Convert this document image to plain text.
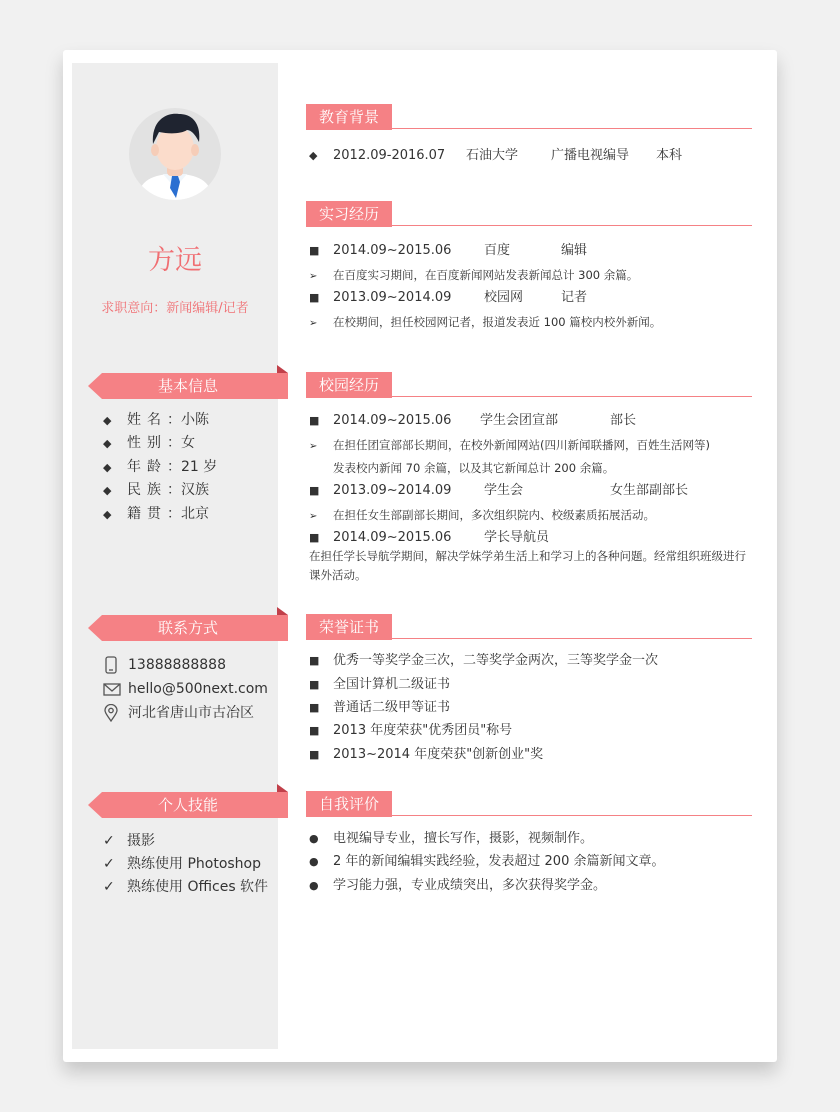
方远
求职意向：新闻编辑/记者
基本信息
◆ 姓名：小陈
◆ 性别：女
◆ 年龄：21 岁
◆ 民族：汉族
◆ 籍贯：北京
联系方式
13888888888
hello@500next.com
河北省唐山市古冶区
个人技能
✓ 摄影
✓ 熟练使用 Photoshop
✓ 熟练使用 Offices 软件
教育背景
◆ 2012.09-2016.07 石油大学	广播电视编导 本科
实习经历
■ 2014.09~2015.06	百度	编辑
➢ 在百度实习期间，在百度新闻网站发表新闻总计 300 余篇。
■ 2013.09~2014.09	校园网	记者
➢ 在校期间，担任校园网记者，报道发表近 100 篇校内校外新闻。
校园经历
■ 2014.09~2015.06 学生会团宣部	部长
➢ 在担任团宣部部长期间，在校外新闻网站(四川新闻联播网，百姓生活网等)
发表校内新闻 70 余篇，以及其它新闻总计 200 余篇。
■ 2013.09~2014.09	学生会	女生部副部长
➢ 在担任女生部副部长期间，多次组织院内、校级素质拓展活动。
■ 2014.09~2015.06	学长导航员
在担任学长导航学期间，解决学妹学弟生活上和学习上的各种问题。经常组织班级进行课外活动。
荣誉证书
■ 优秀一等奖学金三次，二等奖学金两次，三等奖学金一次
■ 全国计算机二级证书
■ 普通话二级甲等证书
■ 2013 年度荣获"优秀团员"称号
■ 2013~2014 年度荣获"创新创业"奖
自我评价
● 电视编导专业，擅长写作，摄影，视频制作。
● 2 年的新闻编辑实践经验，发表超过 200 余篇新闻文章。
● 学习能力强，专业成绩突出，多次获得奖学金。
